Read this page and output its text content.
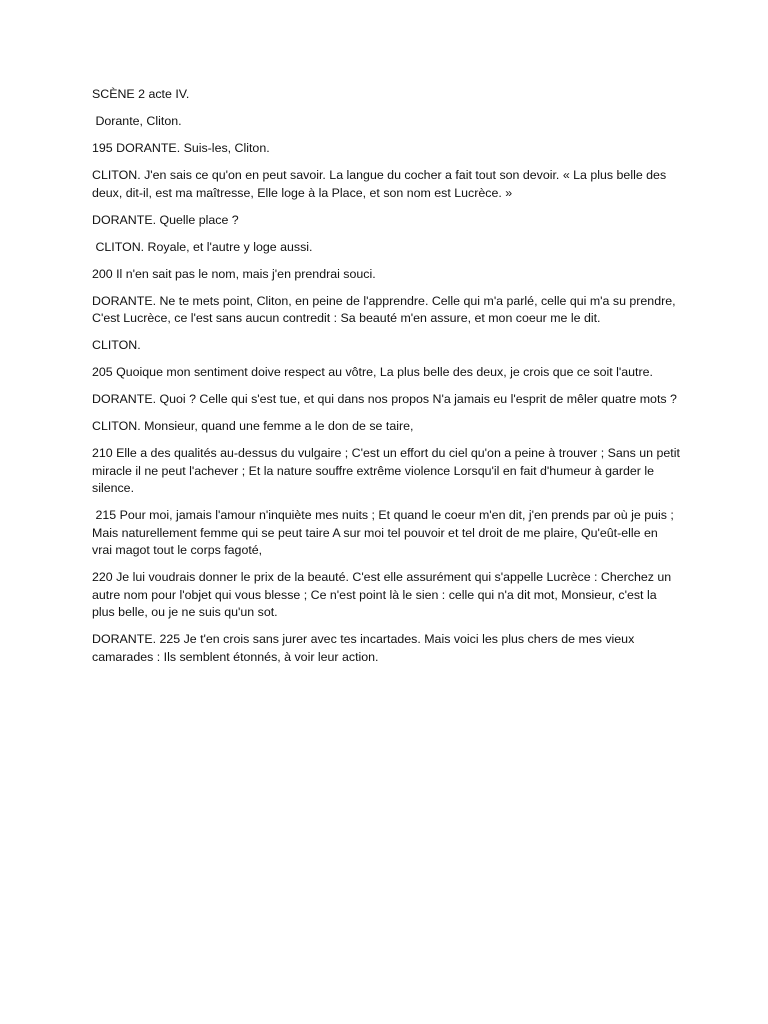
SCÈNE 2 acte IV.

Dorante, Cliton.

195 DORANTE. Suis-les, Cliton.

CLITON. J'en sais ce qu'on en peut savoir. La langue du cocher a fait tout son devoir. « La plus belle des deux, dit-il, est ma maîtresse, Elle loge à la Place, et son nom est Lucrèce. »

DORANTE. Quelle place ?

CLITON. Royale, et l'autre y loge aussi.

200 Il n'en sait pas le nom, mais j'en prendrai souci.

DORANTE. Ne te mets point, Cliton, en peine de l'apprendre. Celle qui m'a parlé, celle qui m'a su prendre, C'est Lucrèce, ce l'est sans aucun contredit : Sa beauté m'en assure, et mon coeur me le dit.

CLITON.

205 Quoique mon sentiment doive respect au vôtre, La plus belle des deux, je crois que ce soit l'autre.

DORANTE. Quoi ? Celle qui s'est tue, et qui dans nos propos N'a jamais eu l'esprit de mêler quatre mots ?

CLITON. Monsieur, quand une femme a le don de se taire,

210 Elle a des qualités au-dessus du vulgaire ; C'est un effort du ciel qu'on a peine à trouver ; Sans un petit miracle il ne peut l'achever ; Et la nature souffre extrême violence Lorsqu'il en fait d'humeur à garder le silence.

215 Pour moi, jamais l'amour n'inquiète mes nuits ; Et quand le coeur m'en dit, j'en prends par où je puis ; Mais naturellement femme qui se peut taire A sur moi tel pouvoir et tel droit de me plaire, Qu'eût-elle en vrai magot tout le corps fagoté,

220 Je lui voudrais donner le prix de la beauté. C'est elle assurément qui s'appelle Lucrèce : Cherchez un autre nom pour l'objet qui vous blesse ; Ce n'est point là le sien : celle qui n'a dit mot, Monsieur, c'est la plus belle, ou je ne suis qu'un sot.

DORANTE. 225 Je t'en crois sans jurer avec tes incartades. Mais voici les plus chers de mes vieux camarades : Ils semblent étonnés, à voir leur action.
